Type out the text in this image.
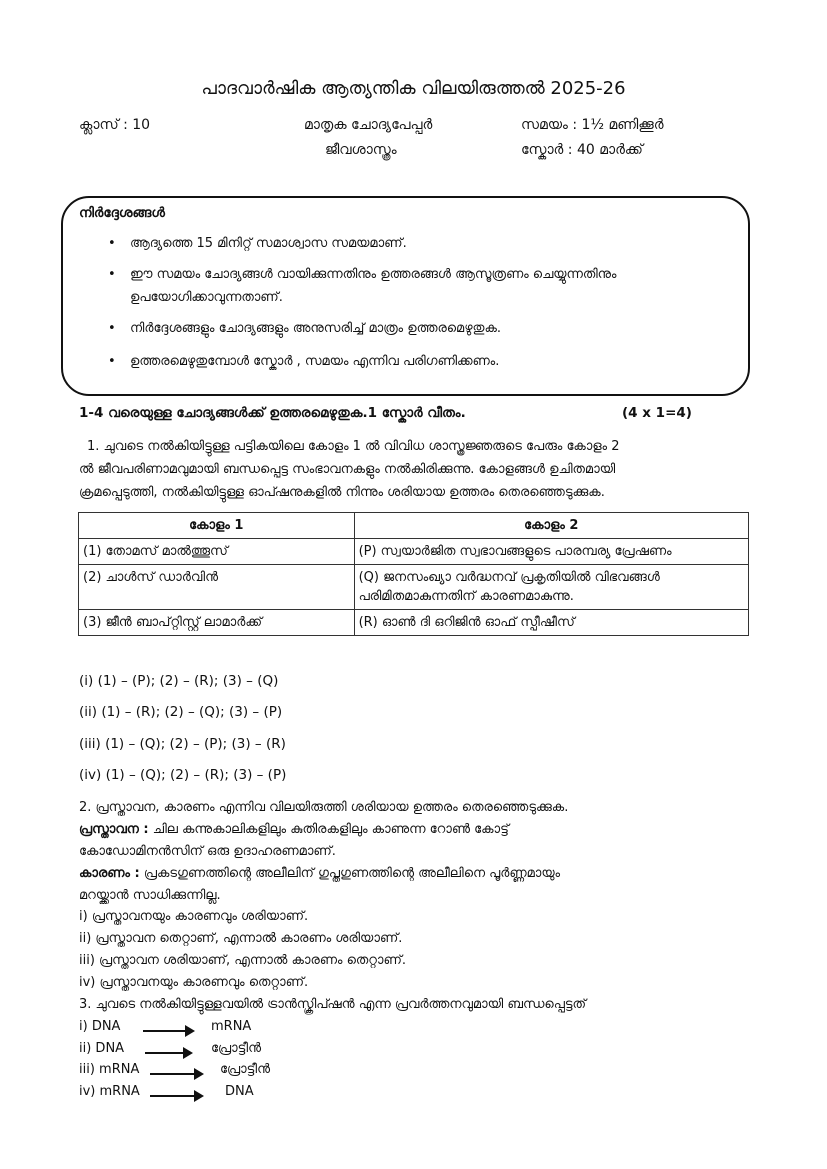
പാദവാർഷിക ആത്യന്തിക വിലയിരുത്തൽ 2025-26
ക്ലാസ് : 10	മാതൃക ചോദ്യപേപ്പർ	സമയം : 1½ മണിക്കൂർ
ജീവശാസ്ത്രം	സ്കോർ : 40 മാർക്ക്
നിർദ്ദേശങ്ങൾ
• ആദ്യത്തെ 15 മിനിറ്റ് സമാശ്വാസ സമയമാണ്.
• ഈ സമയം ചോദ്യങ്ങൾ വായിക്കുന്നതിനും ഉത്തരങ്ങൾ ആസൂത്രണം ചെയ്യുന്നതിനും
ഉപയോഗിക്കാവുന്നതാണ്.
• നിർദ്ദേശങ്ങളും ചോദ്യങ്ങളും അനുസരിച്ച് മാത്രം ഉത്തരമെഴുതുക.
• ഉത്തരമെഴുതുമ്പോൾ സ്കോർ , സമയം എന്നിവ പരിഗണിക്കണം.
1-4 വരെയുള്ള ചോദ്യങ്ങൾക്ക് ഉത്തരമെഴുതുക.1 സ്കോർ വീതം.	(4 x 1=4)
1. ചുവടെ നൽകിയിട്ടുള്ള പട്ടികയിലെ കോളം 1 ൽ വിവിധ ശാസ്ത്രജ്ഞരുടെ പേരും കോളം 2
ൽ ജീവപരിണാമവുമായി ബന്ധപ്പെട്ട സംഭാവനകളും നൽകിരിക്കുന്നു. കോളങ്ങൾ ഉചിതമായി
ക്രമപ്പെടുത്തി, നൽകിയിട്ടുള്ള ഓപ്ഷനുകളിൽ നിന്നും ശരിയായ ഉത്തരം തെരഞ്ഞെടുക്കുക.
കോളം 1	കോളം 2
(1) തോമസ് മാൽത്തൂസ്	(P) സ്വയാർജിത സ്വഭാവങ്ങളുടെ പാരമ്പര്യ പ്രേഷണം
(2) ചാൾസ് ഡാർവിൻ	(Q) ജനസംഖ്യാ വർദ്ധനവ് പ്രകൃതിയിൽ വിഭവങ്ങൾ
പരിമിതമാകുന്നതിന് കാരണമാകുന്നു.

(3) ജീൻ ബാപ്റ്റിസ്റ്റ് ലാമാർക്ക്	(R) ഓൺ ദി ഒറിജിൻ ഓഫ് സ്പീഷീസ്
(i) (1) – (P); (2) – (R); (3) – (Q)
(ii) (1) – (R); (2) – (Q); (3) – (P)
(iii) (1) – (Q); (2) – (P); (3) – (R)
(iv) (1) – (Q); (2) – (R); (3) – (P)
2. പ്രസ്താവന, കാരണം എന്നിവ വിലയിരുത്തി ശരിയായ ഉത്തരം തെരഞ്ഞെടുക്കുക.
പ്രസ്താവന : ചില കന്നുകാലികളിലും കുതിരകളിലും കാണുന്ന റോൺ കോട്ട്
കോഡോമിനൻസിന് ഒരു ഉദാഹരണമാണ്.
കാരണം : പ്രകടഗുണത്തിന്റെ അലീലിന് ഗുപ്തഗുണത്തിന്റെ അലീലിനെ പൂർണ്ണമായും
മറയ്ക്കാൻ സാധിക്കുന്നില്ല.
i) പ്രസ്താവനയും കാരണവും ശരിയാണ്.
ii) പ്രസ്താവന തെറ്റാണ്, എന്നാൽ കാരണം ശരിയാണ്.
iii) പ്രസ്താവന ശരിയാണ്, എന്നാൽ കാരണം തെറ്റാണ്.
iv) പ്രസ്താവനയും കാരണവും തെറ്റാണ്.
3. ചുവടെ നൽകിയിട്ടുള്ളവയിൽ ട്രാൻസ്ക്രിപ്ഷൻ എന്ന പ്രവർത്തനവുമായി ബന്ധപ്പെട്ടത്
i) DNA	mRNA
ii) DNA	പ്രോട്ടീൻ
iii) mRNA	പ്രോട്ടീൻ
iv) mRNA	DNA
